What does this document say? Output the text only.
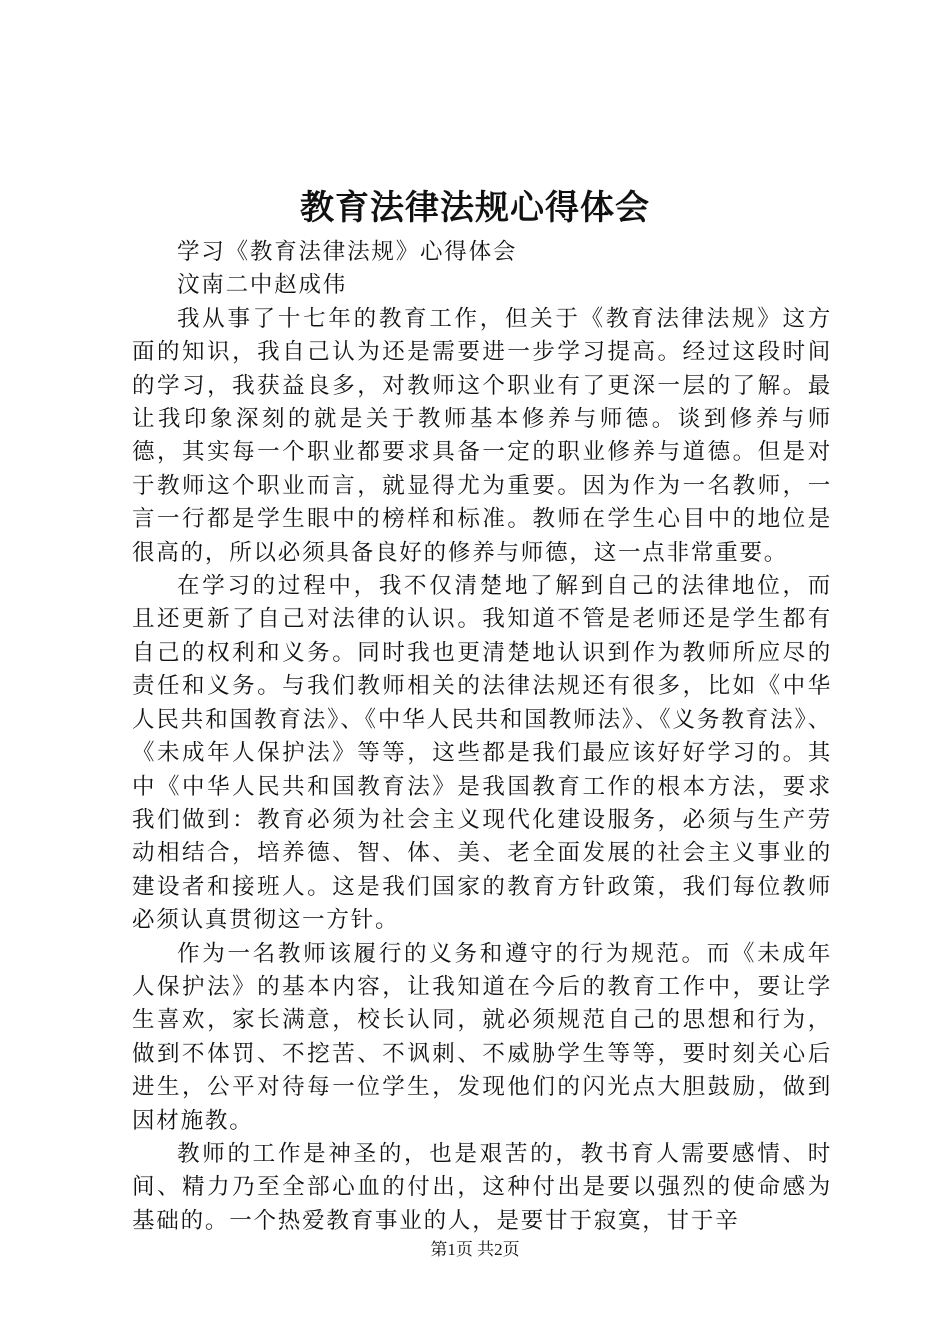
教育法律法规心得体会

学习《教育法律法规》心得体会

汶南二中赵成伟

我从事了十七年的教育工作，但关于《教育法律法规》这方面的知识，我自己认为还是需要进一步学习提高。经过这段时间的学习，我获益良多，对教师这个职业有了更深一层的了解。最让我印象深刻的就是关于教师基本修养与师德。谈到修养与师德，其实每一个职业都要求具备一定的职业修养与道德。但是对于教师这个职业而言，就显得尤为重要。因为作为一名教师，一言一行都是学生眼中的榜样和标准。教师在学生心目中的地位是很高的，所以必须具备良好的修养与师德，这一点非常重要。

在学习的过程中，我不仅清楚地了解到自己的法律地位，而且还更新了自己对法律的认识。我知道不管是老师还是学生都有自己的权利和义务。同时我也更清楚地认识到作为教师所应尽的责任和义务。与我们教师相关的法律法规还有很多，比如《中华人民共和国教育法》、《中华人民共和国教师法》、《义务教育法》、《未成年人保护法》等等，这些都是我们最应该好好学习的。其中《中华人民共和国教育法》是我国教育工作的根本方法，要求我们做到：教育必须为社会主义现代化建设服务，必须与生产劳动相结合，培养德、智、体、美、老全面发展的社会主义事业的建设者和接班人。这是我们国家的教育方针政策，我们每位教师必须认真贯彻这一方针。

作为一名教师该履行的义务和遵守的行为规范。而《未成年人保护法》的基本内容，让我知道在今后的教育工作中，要让学生喜欢，家长满意，校长认同，就必须规范自己的思想和行为，做到不体罚、不挖苦、不讽刺、不威胁学生等等，要时刻关心后进生，公平对待每一位学生，发现他们的闪光点大胆鼓励，做到因材施教。

教师的工作是神圣的，也是艰苦的，教书育人需要感情、时间、精力乃至全部心血的付出，这种付出是要以强烈的使命感为基础的。一个热爱教育事业的人，是要甘于寂寞，甘于辛

第1页 共2页
